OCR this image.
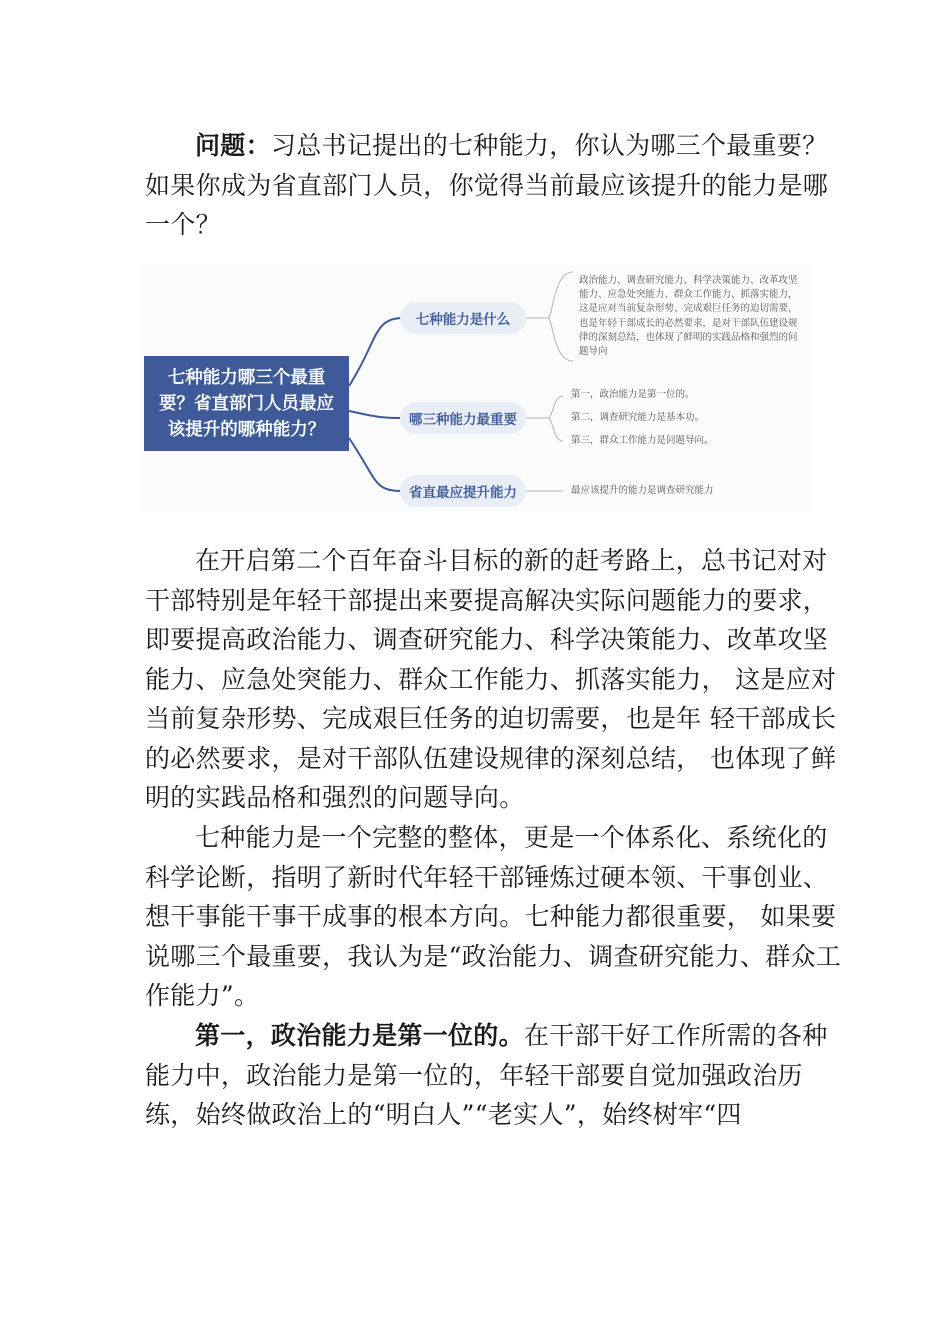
问题：习总书记提出的七种能力，你认为哪三个最重要？如果你成为省直部门人员，你觉得当前最应该提升的能力是哪一个？

七种能力哪三个最重要？省直部门人员最应该提升的哪种能力？
七种能力是什么
哪三种能力最重要
省直最应提升能力
政治能力、调查研究能力、科学决策能力、改革攻坚能力、应急处突能力、群众工作能力、抓落实能力，这是应对当前复杂形势、完成艰巨任务的迫切需要，也是年轻干部成长的必然要求，是对干部队伍建设规律的深刻总结，也体现了鲜明的实践品格和强烈的问题导向
第一，政治能力是第一位的。
第二，调查研究能力是基本功。
第三，群众工作能力是问题导向。
最应该提升的能力是调查研究能力

在开启第二个百年奋斗目标的新的赶考路上，总书记对对干部特别是年轻干部提出来要提高解决实际问题能力的要求，即要提高政治能力、调查研究能力、科学决策能力、改革攻坚能力、应急处突能力、群众工作能力、抓落实能力， 这是应对当前复杂形势、完成艰巨任务的迫切需要，也是年 轻干部成长的必然要求，是对干部队伍建设规律的深刻总结， 也体现了鲜明的实践品格和强烈的问题导向。

七种能力是一个完整的整体，更是一个体系化、系统化的科学论断，指明了新时代年轻干部锤炼过硬本领、干事创业、想干事能干事干成事的根本方向。七种能力都很重要， 如果要说哪三个最重要，我认为是“政治能力、调查研究能力、群众工作能力”。

第一，政治能力是第一位的。在干部干好工作所需的各种能力中，政治能力是第一位的，年轻干部要自觉加强政治历练，始终做政治上的“明白人”“老实人”，始终树牢“四
